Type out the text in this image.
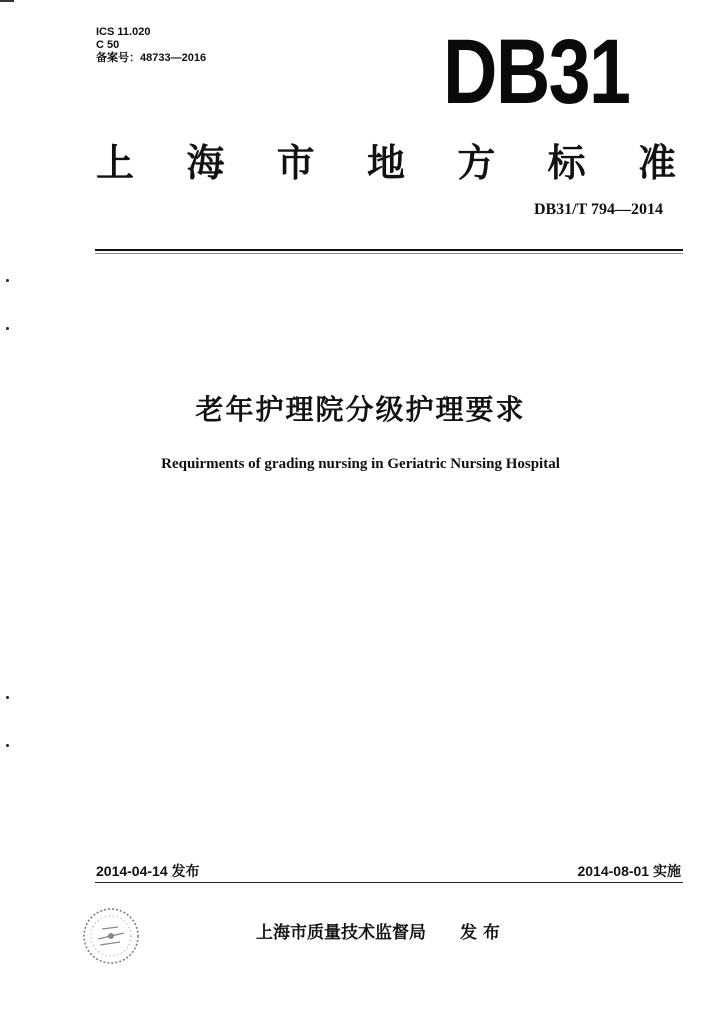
ICS 11.020
C 50
备案号：48733—2016	DB31
上 海 市 地 方 标 准
DB31/T 794—2014
老年护理院分级护理要求
Requirments of grading nursing in Geriatric Nursing Hospital
2014-04-14 发布	2014-08-01 实施
上海市质量技术监督局 发 布
